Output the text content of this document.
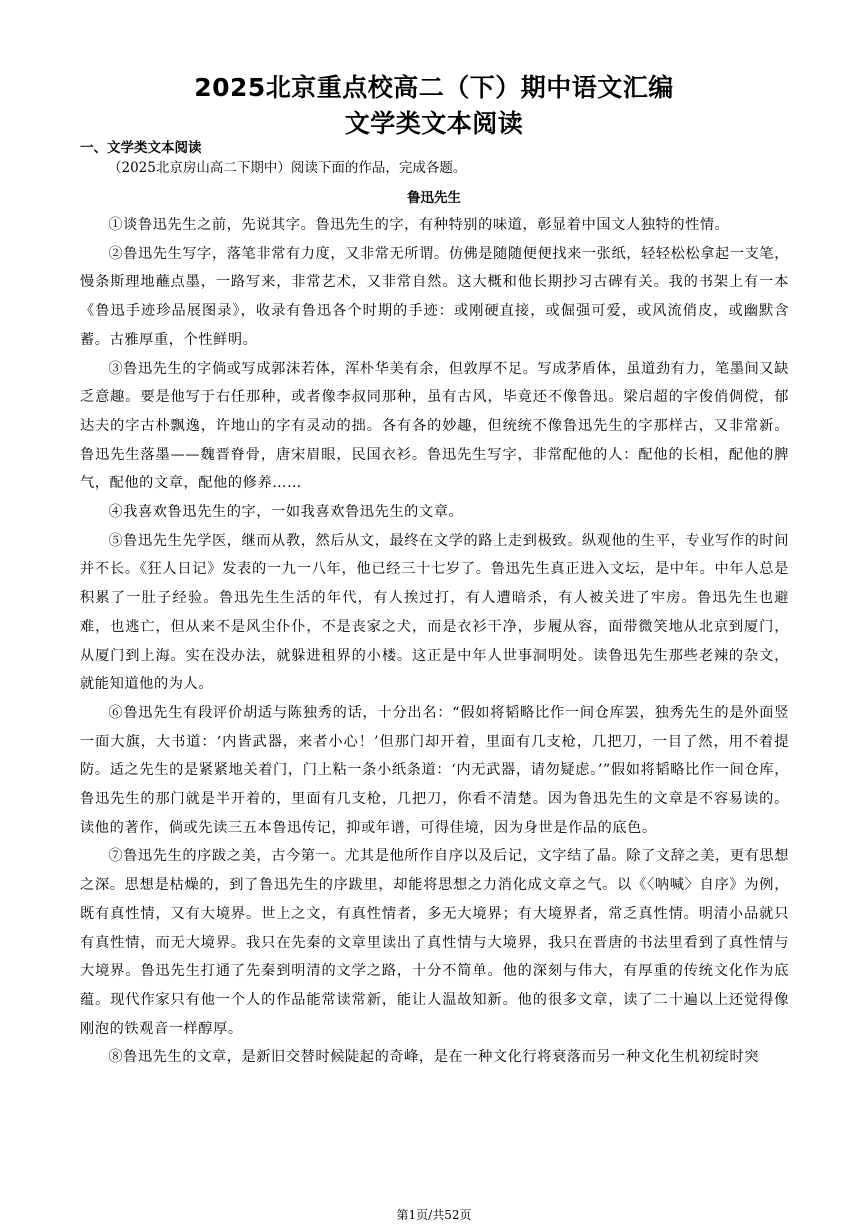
2025北京重点校高二（下）期中语文汇编
文学类文本阅读
一、文学类文本阅读
（2025北京房山高二下期中）阅读下面的作品，完成各题。
鲁迅先生

①谈鲁迅先生之前，先说其字。鲁迅先生的字，有种特别的味道，彰显着中国文人独特的性情。

②鲁迅先生写字，落笔非常有力度，又非常无所谓。仿佛是随随便便找来一张纸，轻轻松松拿起一支笔，慢条斯理地蘸点墨，一路写来，非常艺术，又非常自然。这大概和他长期抄习古碑有关。我的书架上有一本《鲁迅手迹珍品展图录》，收录有鲁迅各个时期的手迹：或刚硬直接，或倔强可爱，或风流俏皮，或幽默含蓄。古雅厚重，个性鲜明。

③鲁迅先生的字倘或写成郭沫若体，浑朴华美有余，但敦厚不足。写成茅盾体，虽道劲有力，笔墨间又缺乏意趣。要是他写于右任那种，或者像李叔同那种，虽有古风，毕竟还不像鲁迅。梁启超的字俊俏倜傥，郁达夫的字古朴飘逸，许地山的字有灵动的拙。各有各的妙趣，但统统不像鲁迅先生的字那样古，又非常新。鲁迅先生落墨——魏晋脊骨，唐宋眉眼，民国衣衫。鲁迅先生写字，非常配他的人：配他的长相，配他的脾气，配他的文章，配他的修养……

④我喜欢鲁迅先生的字，一如我喜欢鲁迅先生的文章。

⑤鲁迅先生先学医，继而从教，然后从文，最终在文学的路上走到极致。纵观他的生平，专业写作的时间并不长。《狂人日记》发表的一九一八年，他已经三十七岁了。鲁迅先生真正进入文坛，是中年。中年人总是积累了一肚子经验。鲁迅先生生活的年代，有人挨过打，有人遭暗杀，有人被关进了牢房。鲁迅先生也避难，也逃亡，但从来不是风尘仆仆，不是丧家之犬，而是衣衫干净，步履从容，面带微笑地从北京到厦门，从厦门到上海。实在没办法，就躲进租界的小楼。这正是中年人世事洞明处。读鲁迅先生那些老辣的杂文，就能知道他的为人。

⑥鲁迅先生有段评价胡适与陈独秀的话，十分出名：“假如将韬略比作一间仓库罢，独秀先生的是外面竖一面大旗，大书道：‘内皆武器，来者小心！’但那门却开着，里面有几支枪，几把刀，一目了然，用不着提防。适之先生的是紧紧地关着门，门上粘一条小纸条道：‘内无武器，请勿疑虑。’”假如将韬略比作一间仓库，鲁迅先生的那门就是半开着的，里面有几支枪，几把刀，你看不清楚。因为鲁迅先生的文章是不容易读的。读他的著作，倘或先读三五本鲁迅传记，抑或年谱，可得佳境，因为身世是作品的底色。

⑦鲁迅先生的序跋之美，古今第一。尤其是他所作自序以及后记，文字结了晶。除了文辞之美，更有思想之深。思想是枯燥的，到了鲁迅先生的序跋里，却能将思想之力消化成文章之气。以《〈呐喊〉自序》为例，既有真性情，又有大境界。世上之文，有真性情者，多无大境界；有大境界者，常乏真性情。明清小品就只有真性情，而无大境界。我只在先秦的文章里读出了真性情与大境界，我只在晋唐的书法里看到了真性情与大境界。鲁迅先生打通了先秦到明清的文学之路，十分不简单。他的深刻与伟大，有厚重的传统文化作为底蕴。现代作家只有他一个人的作品能常读常新，能让人温故知新。他的很多文章，读了二十遍以上还觉得像刚泡的铁观音一样醇厚。

⑧鲁迅先生的文章，是新旧交替时候陡起的奇峰，是在一种文化行将衰落而另一种文化生机初绽时突

第1页/共52页
